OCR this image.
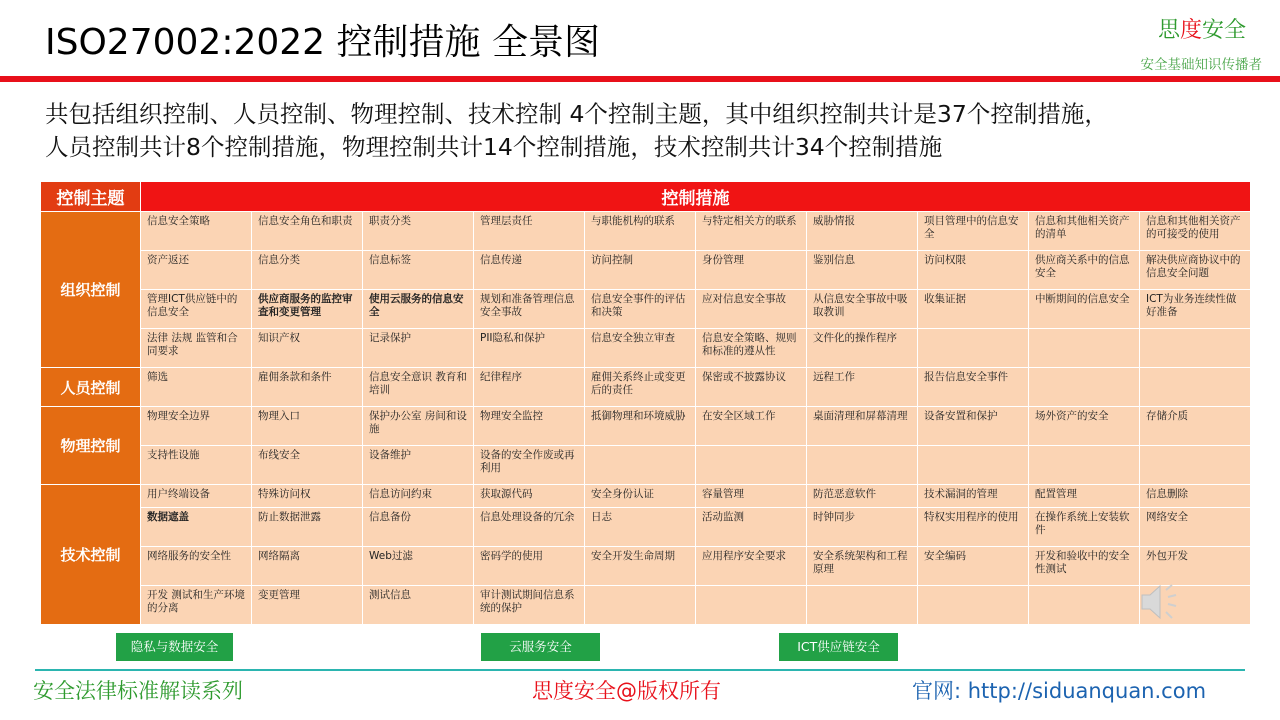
ISO27002:2022 控制措施 全景图	思度安全
安全基础知识传播者

共包括组织控制、人员控制、物理控制、技术控制 4个控制主题，其中组织控制共计是37个控制措施，

人员控制共计8个控制措施，物理控制共计14个控制措施，技术控制共计34个控制措施

控制主题	控制措施									
组织控制	信息安全策略	信息安全角色和职责	职责分类	管理层责任	与职能机构的联系	与特定相关方的联系	威胁情报	项目管理中的信息安全	信息和其他相关资产的清单	信息和其他相关资产的可接受的使用
	资产返还	信息分类	信息标签	信息传递	访问控制	身份管理	鉴别信息	访问权限	供应商关系中的信息安全	解决供应商协议中的信息安全问题
	管理ICT供应链中的信息安全	供应商服务的监控审查和变更管理	使用云服务的信息安全	规划和准备管理信息安全事故	信息安全事件的评估和决策	应对信息安全事故	从信息安全事故中吸取教训	收集证据	中断期间的信息安全	ICT为业务连续性做好准备
	法律 法规 监管和合同要求	知识产权	记录保护	PII隐私和保护	信息安全独立审查	信息安全策略、规则和标准的遵从性	文件化的操作程序			
人员控制	筛选	雇佣条款和条件	信息安全意识 教育和培训	纪律程序	雇佣关系终止或变更后的责任	保密或不披露协议	远程工作	报告信息安全事件		
物理控制	物理安全边界	物理入口	保护办公室 房间和设施	物理安全监控	抵御物理和环境威胁	在安全区域工作	桌面清理和屏幕清理	设备安置和保护	场外资产的安全	存储介质
	支持性设施	布线安全	设备维护	设备的安全作废或再利用						
技术控制	用户终端设备	特殊访问权	信息访问约束	获取源代码	安全身份认证	容量管理	防范恶意软件	技术漏洞的管理	配置管理	信息删除
	数据遮盖	防止数据泄露	信息备份	信息处理设备的冗余	日志	活动监测	时钟同步	特权实用程序的使用	在操作系统上安装软件	网络安全
	网络服务的安全性	网络隔离	Web过滤	密码学的使用	安全开发生命周期	应用程序安全要求	安全系统架构和工程原理	安全编码	开发和验收中的安全性测试	外包开发
	开发 测试和生产环境的分离	变更管理	测试信息	审计测试期间信息系统的保护						
隐私与数据安全	云服务安全	ICT供应链安全
安全法律标准解读系列	思度安全@版权所有	官网: http://siduanquan.com
